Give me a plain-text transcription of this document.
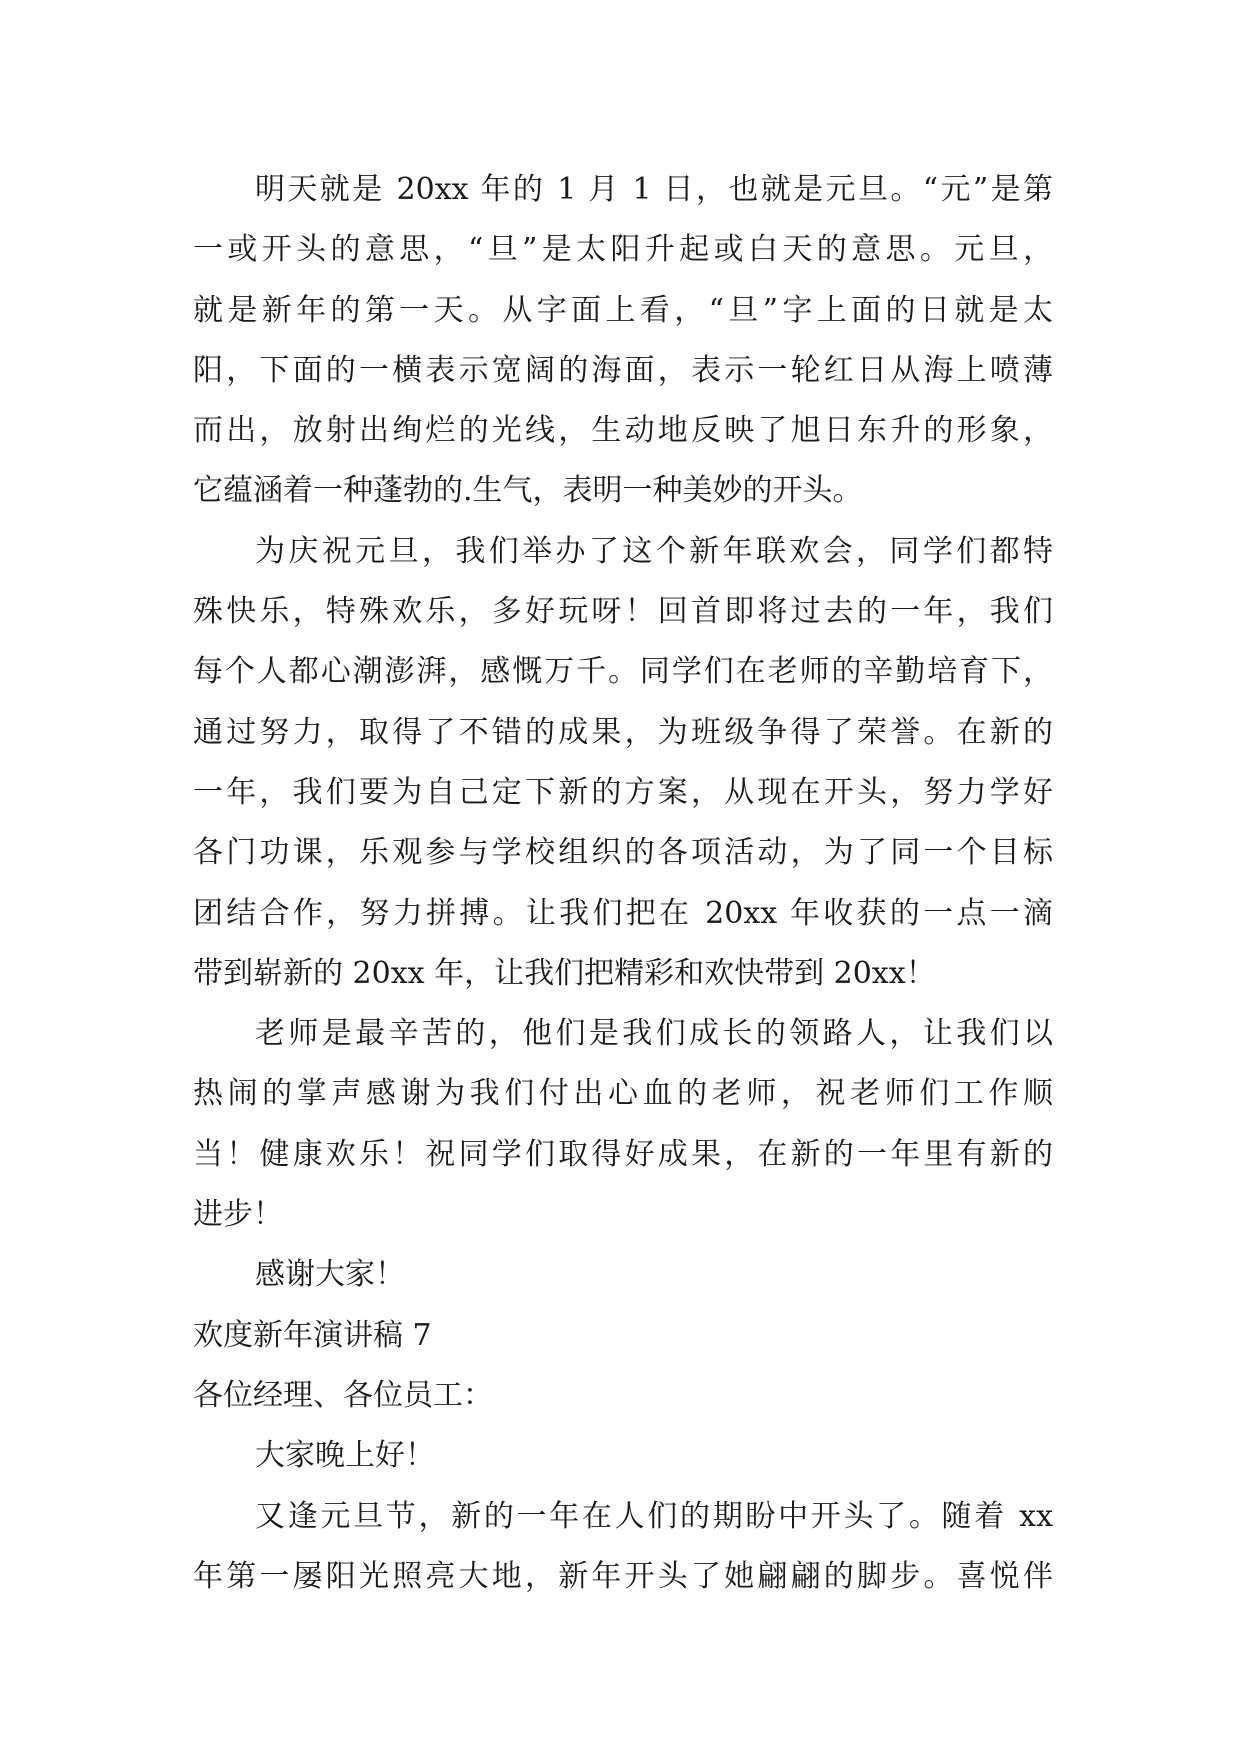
明天就是 20xx 年的 1 月 1 日，也就是元旦。“元”是第
一或开头的意思，“旦”是太阳升起或白天的意思。元旦，
就是新年的第一天。从字面上看，“旦”字上面的日就是太
阳，下面的一横表示宽阔的海面，表示一轮红日从海上喷薄
而出，放射出绚烂的光线，生动地反映了旭日东升的形象，
它蕴涵着一种蓬勃的.生气，表明一种美妙的开头。
为庆祝元旦，我们举办了这个新年联欢会，同学们都特
殊快乐，特殊欢乐，多好玩呀！回首即将过去的一年，我们
每个人都心潮澎湃，感慨万千。同学们在老师的辛勤培育下，
通过努力，取得了不错的成果，为班级争得了荣誉。在新的
一年，我们要为自己定下新的方案，从现在开头，努力学好
各门功课，乐观参与学校组织的各项活动，为了同一个目标
团结合作，努力拼搏。让我们把在 20xx 年收获的一点一滴
带到崭新的 20xx 年，让我们把精彩和欢快带到 20xx！
老师是最辛苦的，他们是我们成长的领路人，让我们以
热闹的掌声感谢为我们付出心血的老师，祝老师们工作顺
当！健康欢乐！祝同学们取得好成果，在新的一年里有新的
进步！
感谢大家！
欢度新年演讲稿 7
各位经理、各位员工：
大家晚上好！
又逢元旦节，新的一年在人们的期盼中开头了。随着 xx
年第一屡阳光照亮大地，新年开头了她翩翩的脚步。喜悦伴
